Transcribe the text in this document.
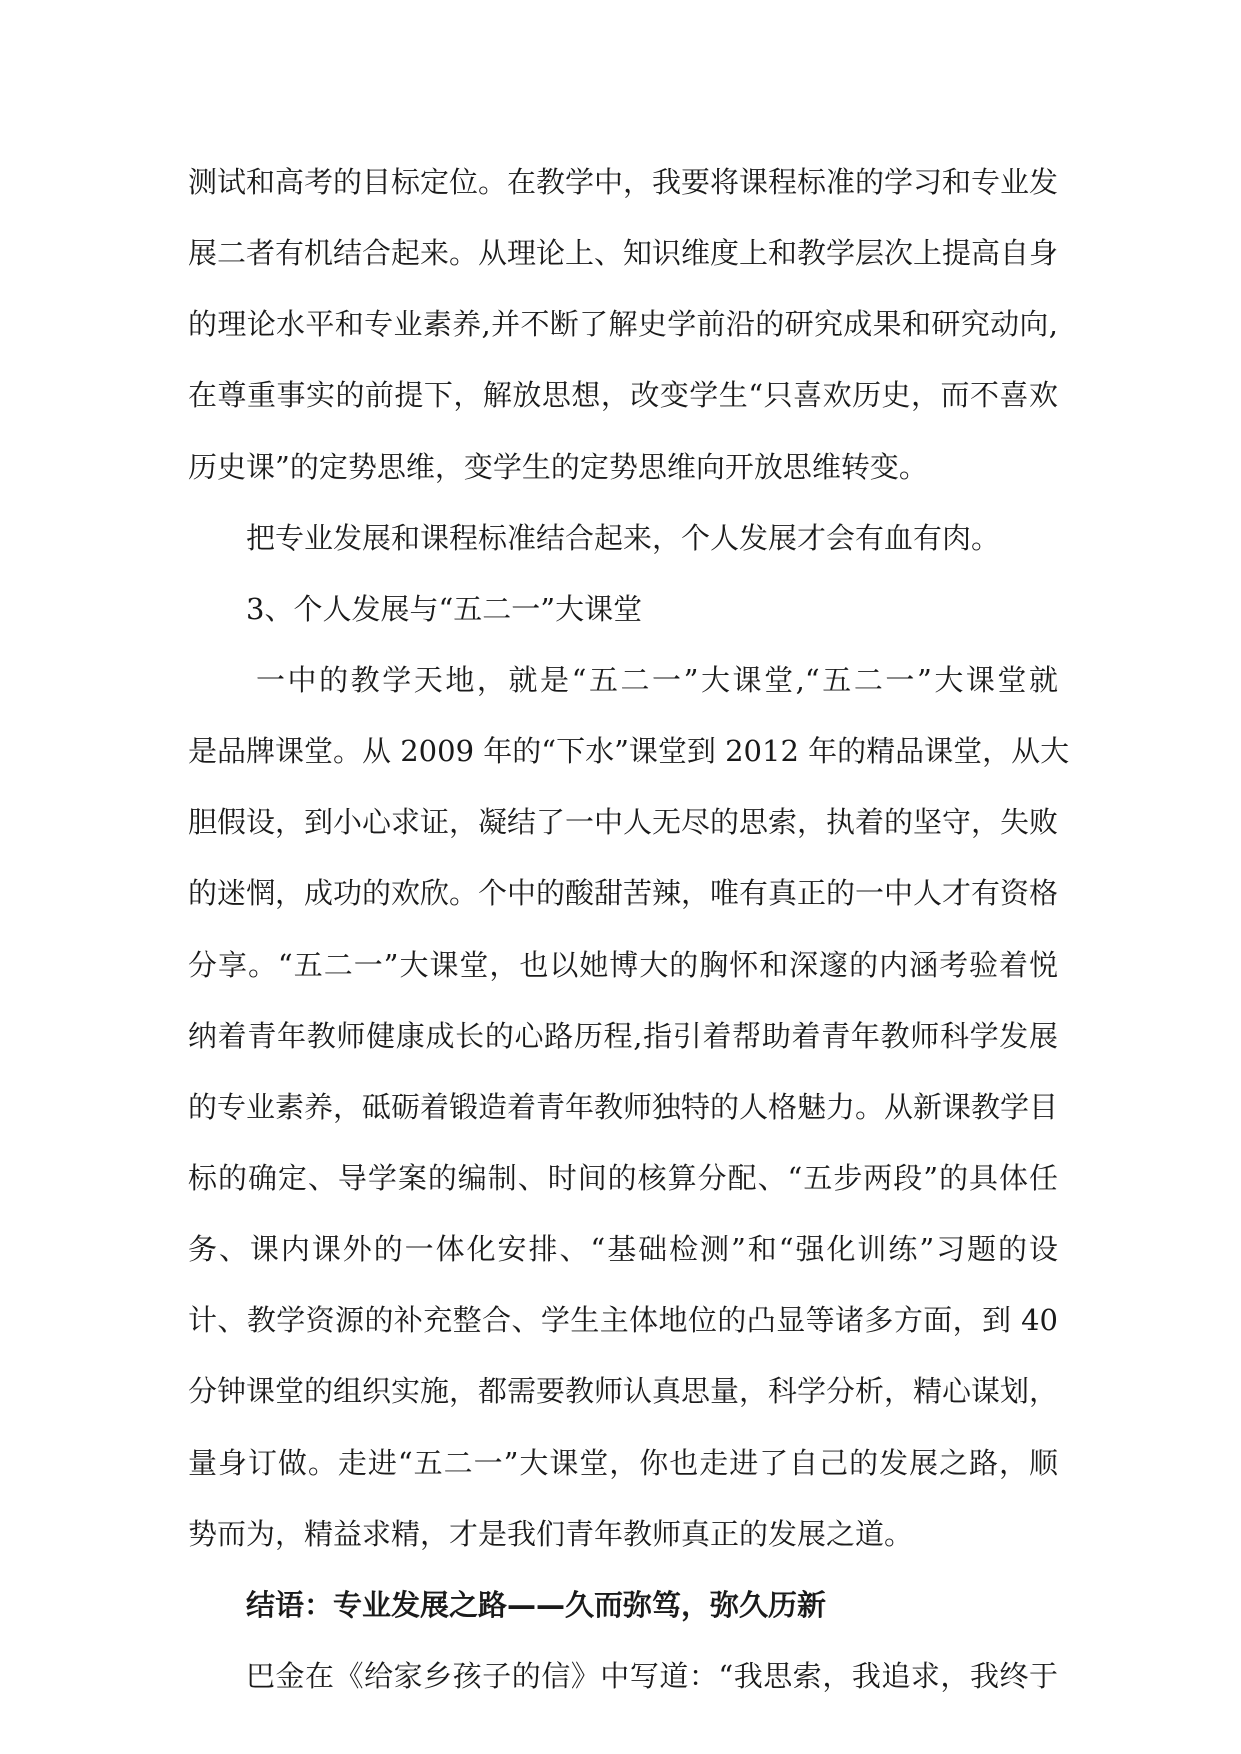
测试和高考的目标定位。在教学中，我要将课程标准的学习和专业发
展二者有机结合起来。从理论上、知识维度上和教学层次上提高自身
的理论水平和专业素养,并不断了解史学前沿的研究成果和研究动向,
在尊重事实的前提下，解放思想，改变学生“只喜欢历史，而不喜欢
历史课”的定势思维，变学生的定势思维向开放思维转变。
把专业发展和课程标准结合起来，个人发展才会有血有肉。
3、个人发展与“五二一”大课堂
一中的教学天地，就是“五二一”大课堂,“五二一”大课堂就
是品牌课堂。从 2009 年的“下水”课堂到 2012 年的精品课堂，从大
胆假设，到小心求证，凝结了一中人无尽的思索，执着的坚守，失败
的迷惘，成功的欢欣。个中的酸甜苦辣，唯有真正的一中人才有资格
分享。“五二一”大课堂，也以她博大的胸怀和深邃的内涵考验着悦
纳着青年教师健康成长的心路历程,指引着帮助着青年教师科学发展
的专业素养，砥砺着锻造着青年教师独特的人格魅力。从新课教学目
标的确定、导学案的编制、时间的核算分配、“五步两段”的具体任
务、课内课外的一体化安排、“基础检测”和“强化训练”习题的设
计、教学资源的补充整合、学生主体地位的凸显等诸多方面，到 40
分钟课堂的组织实施，都需要教师认真思量，科学分析，精心谋划，
量身订做。走进“五二一”大课堂，你也走进了自己的发展之路，顺
势而为，精益求精，才是我们青年教师真正的发展之道。
结语：专业发展之路——久而弥笃，弥久历新
巴金在《给家乡孩子的信》中写道：“我思索，我追求，我终于
